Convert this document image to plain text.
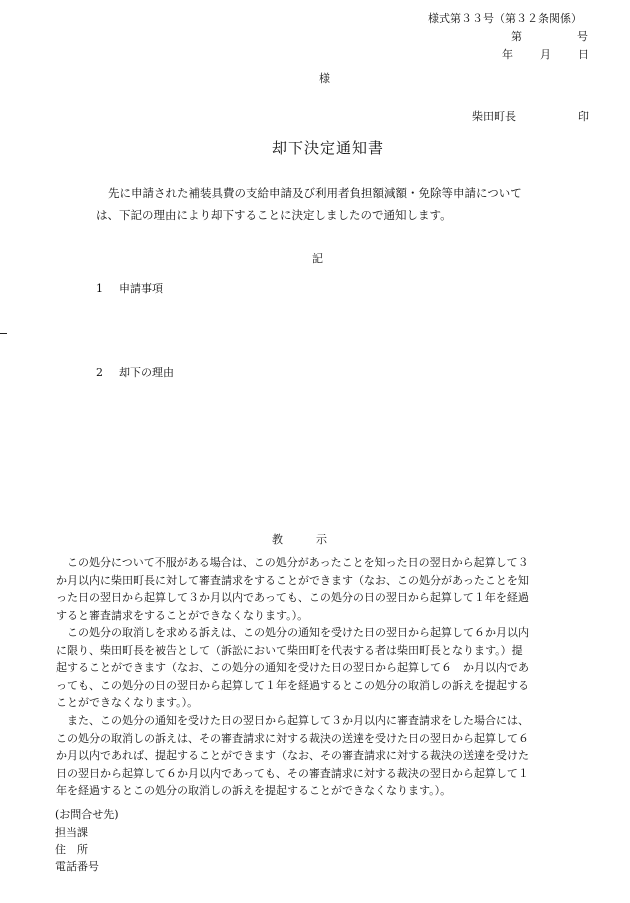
様式第３３号（第３２条関係）
第	号
年 月 日
様
柴田町長	印
却下決定通知書
先に申請された補装具費の支給申請及び利用者負担額減額・免除等申請について
は、下記の理由により却下することに決定しましたので通知します。
記
1 申請事項
2 却下の理由
教　　　示
　この処分について不服がある場合は、この処分があったことを知った日の翌日から起算して３
か月以内に柴田町長に対して審査請求をすることができます（なお、この処分があったことを知
った日の翌日から起算して３か月以内であっても、この処分の日の翌日から起算して１年を経過
すると審査請求をすることができなくなります。）。
　この処分の取消しを求める訴えは、この処分の通知を受けた日の翌日から起算して６か月以内
に限り、柴田町長を被告として（訴訟において柴田町を代表する者は柴田町長となります。）提
起することができます（なお、この処分の通知を受けた日の翌日から起算して６　か月以内であ
っても、この処分の日の翌日から起算して１年を経過するとこの処分の取消しの訴えを提起する
ことができなくなります。）。
　また、この処分の通知を受けた日の翌日から起算して３か月以内に審査請求をした場合には、
この処分の取消しの訴えは、その審査請求に対する裁決の送達を受けた日の翌日から起算して６
か月以内であれば、提起することができます（なお、その審査請求に対する裁決の送達を受けた
日の翌日から起算して６か月以内であっても、その審査請求に対する裁決の翌日から起算して１
年を経過するとこの処分の取消しの訴えを提起することができなくなります。）。
(お問合せ先)
担当課
住　所
電話番号
